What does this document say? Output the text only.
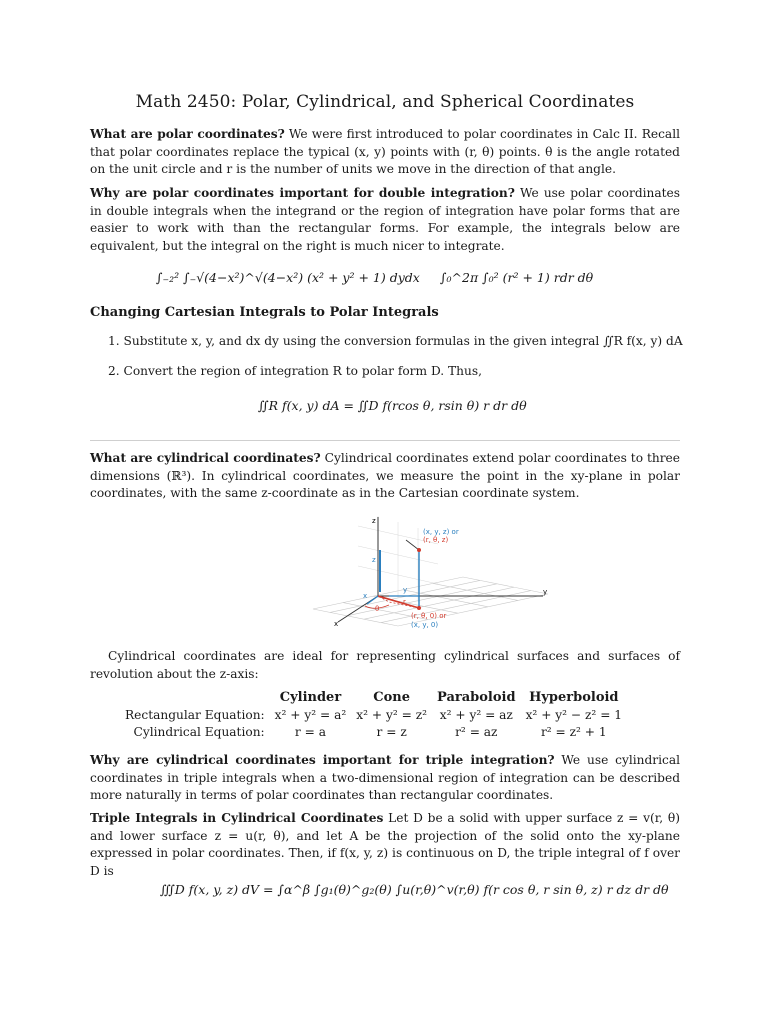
Math 2450: Polar, Cylindrical, and Spherical Coordinates
What are polar coordinates? We were first introduced to polar coordinates in Calc II. Recall that polar coordinates replace the typical (x, y) points with (r, θ) points. θ is the angle rotated on the unit circle and r is the number of units we move in the direction of that angle.
Why are polar coordinates important for double integration? We use polar coordinates in double integrals when the integrand or the region of integration have polar forms that are easier to work with than the rectangular forms. For example, the integrals below are equivalent, but the integral on the right is much nicer to integrate.
∫₋₂² ∫₋√(4−x²)^√(4−x²) (x² + y² + 1) dydx ∫₀^2π ∫₀² (r² + 1) rdr dθ
Changing Cartesian Integrals to Polar Integrals
1. Substitute x, y, and dx dy using the conversion formulas in the given integral ∬R f(x, y) dA
2. Convert the region of integration R to polar form D. Thus,
∬R f(x, y) dA = ∬D f(rcos θ, rsin θ) r dr dθ
What are cylindrical coordinates? Cylindrical coordinates extend polar coordinates to three dimensions (ℝ³). In cylindrical coordinates, we measure the point in the xy-plane in polar coordinates, with the same z-coordinate as in the Cartesian coordinate system.
(x, y, z) or
(r, θ, z)
(r, θ, 0) or
(x, y, 0)
z
y
x
r
θ
z
x
y
Cylindrical coordinates are ideal for representing cylindrical surfaces and surfaces of revolution about the z-axis:
	Cylinder	Cone	Paraboloid	Hyperboloid
Rectangular Equation:	x² + y² = a²	x² + y² = z²	x² + y² = az	x² + y² − z² = 1
Cylindrical Equation:	r = a	r = z	r² = az	r² = z² + 1
Why are cylindrical coordinates important for triple integration? We use cylindrical coordinates in triple integrals when a two-dimensional region of integration can be described more naturally in terms of polar coordinates than rectangular coordinates.
Triple Integrals in Cylindrical Coordinates Let D be a solid with upper surface z = v(r, θ) and lower surface z = u(r, θ), and let A be the projection of the solid onto the xy-plane expressed in polar coordinates. Then, if f(x, y, z) is continuous on D, the triple integral of f over D is
∭D f(x, y, z) dV = ∫α^β ∫g₁(θ)^g₂(θ) ∫u(r,θ)^v(r,θ) f(r cos θ, r sin θ, z) r dz dr dθ
